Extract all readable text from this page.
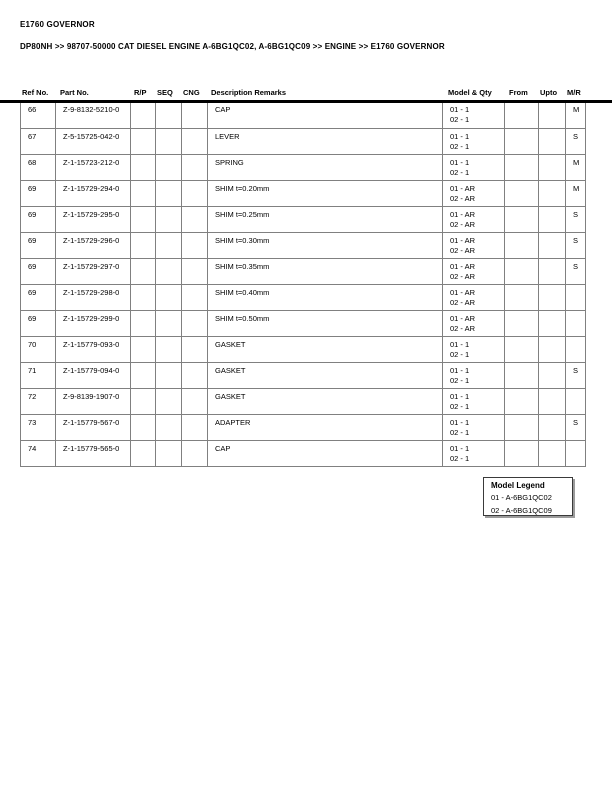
E1760 GOVERNOR
DP80NH >> 98707-50000 CAT DIESEL ENGINE A-6BG1QC02, A-6BG1QC09 >> ENGINE >> E1760 GOVERNOR
Ref No.	Part No.	R/P	SEQ	CNG	Description Remarks	Model & Qty	From	Upto	M/R
66	Z-9-8132-5210-0				CAP	01 - 1
02 - 1			M
67	Z-5-15725-042-0				LEVER	01 - 1
02 - 1			S
68	Z-1-15723-212-0				SPRING	01 - 1
02 - 1			M
69	Z-1-15729-294-0				SHIM t=0.20mm	01 - AR
02 - AR			M
69	Z-1-15729-295-0				SHIM t=0.25mm	01 - AR
02 - AR			S
69	Z-1-15729-296-0				SHIM t=0.30mm	01 - AR
02 - AR			S
69	Z-1-15729-297-0				SHIM t=0.35mm	01 - AR
02 - AR			S
69	Z-1-15729-298-0				SHIM t=0.40mm	01 - AR
02 - AR			

69	Z-1-15729-299-0				SHIM t=0.50mm	01 - AR
02 - AR			

70	Z-1-15779-093-0				GASKET	01 - 1
02 - 1			

71	Z-1-15779-094-0				GASKET	01 - 1
02 - 1			S
72	Z-9-8139-1907-0				GASKET	01 - 1
02 - 1			

73	Z-1-15779-567-0				ADAPTER	01 - 1
02 - 1			S
74	Z-1-15779-565-0				CAP	01 - 1
02 - 1			

Model Legend
01 - A-6BG1QC02
02 - A-6BG1QC09
